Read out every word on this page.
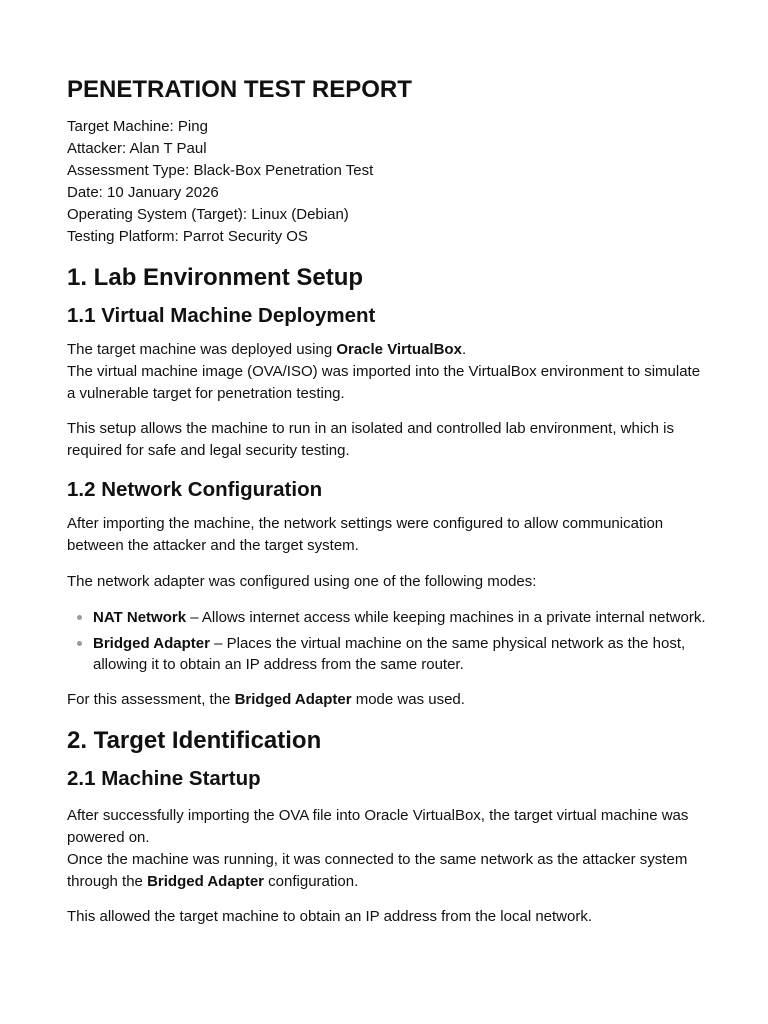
PENETRATION TEST REPORT

Target Machine: Ping

Attacker: Alan T Paul

Assessment Type: Black-Box Penetration Test

Date: 10 January 2026

Operating System (Target): Linux (Debian)

Testing Platform: Parrot Security OS

1. Lab Environment Setup
1.1 Virtual Machine Deployment

The target machine was deployed using Oracle VirtualBox.

The virtual machine image (OVA/ISO) was imported into the VirtualBox environment to simulate a vulnerable target for penetration testing.

This setup allows the machine to run in an isolated and controlled lab environment, which is required for safe and legal security testing.

1.2 Network Configuration

After importing the machine, the network settings were configured to allow communication between the attacker and the target system.

The network adapter was configured using one of the following modes:

NAT Network – Allows internet access while keeping machines in a private internal network.
Bridged Adapter – Places the virtual machine on the same physical network as the host, allowing it to obtain an IP address from the same router.

For this assessment, the Bridged Adapter mode was used.

2. Target Identification
2.1 Machine Startup

After successfully importing the OVA file into Oracle VirtualBox, the target virtual machine was powered on.

Once the machine was running, it was connected to the same network as the attacker system through the Bridged Adapter configuration.

This allowed the target machine to obtain an IP address from the local network.
